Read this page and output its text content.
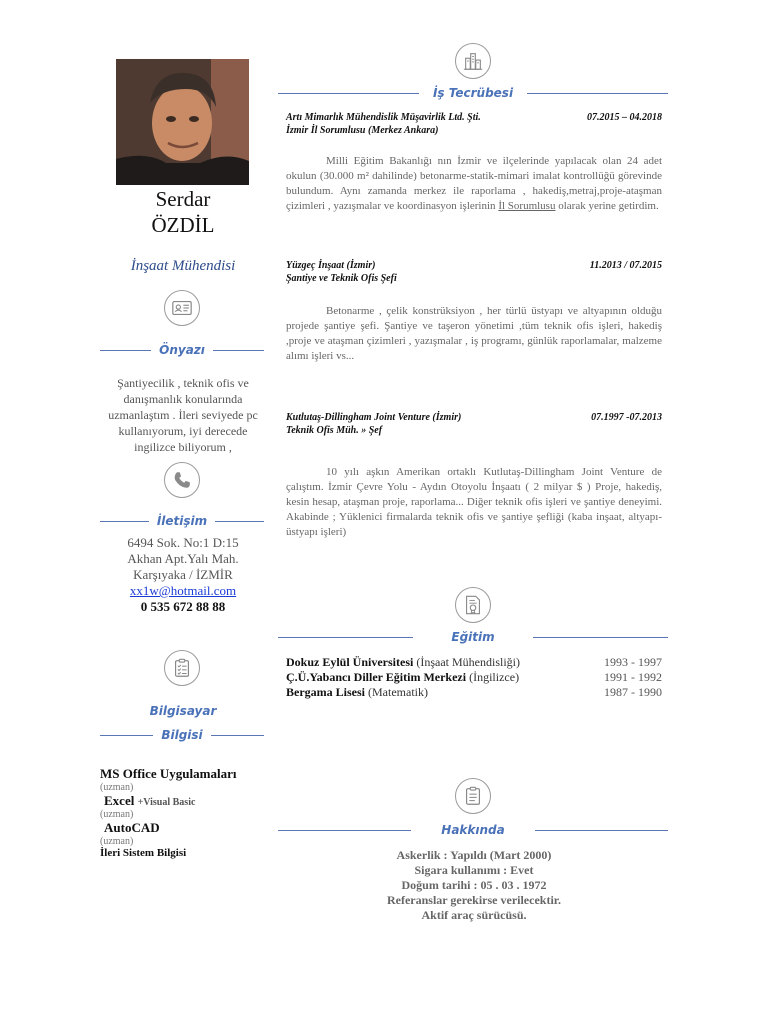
Serdar
ÖZDİL
İnşaat Mühendisi
Önyazı
Şantiyecilik , teknik ofis ve danışmanlık konularında uzmanlaştım . İleri seviyede pc kullanıyorum, iyi derecede ingilizce biliyorum ,
İletişim
6494 Sok. No:1 D:15
Akhan Apt.Yalı Mah.
Karşıyaka / İZMİR
xx1w@hotmail.com
0 535 672 88 88
Bilgisayar
Bilgisi
MS Office Uygulamaları
(uzman)
Excel +Visual Basic
(uzman)
AutoCAD
(uzman)
İleri Sistem Bilgisi
İş Tecrübesi
Artı Mimarlık Mühendislik Müşavirlik Ltd. Şti.
İzmir İl Sorumlusu (Merkez Ankara)
07.2015 – 04.2018
Milli Eğitim Bakanlığı nın İzmir ve ilçelerinde yapılacak olan 24 adet okulun (30.000 m² dahilinde) betonarme-statik-mimari imalat kontrollüğü görevinde bulundum. Aynı zamanda merkez ile raporlama , hakediş,metraj,proje-ataşman çizimleri , yazışmalar ve koordinasyon işlerinin İl Sorumlusu olarak yerine getirdim.
Yüzgeç İnşaat (İzmir)
Şantiye ve Teknik Ofis Şefi
11.2013 / 07.2015
Betonarme , çelik konstrüksiyon , her türlü üstyapı ve altyapının olduğu projede şantiye şefi. Şantiye ve taşeron yönetimi ,tüm teknik ofis işleri, hakediş ,proje ve ataşman çizimleri , yazışmalar , iş programı, günlük raporlamalar, malzeme alımı işleri vs...
Kutlutaş-Dillingham Joint Venture (İzmir)
Teknik Ofis Müh. » Şef
07.1997 -07.2013
10 yılı aşkın Amerikan ortaklı Kutlutaş-Dillingham Joint Venture de çalıştım. İzmir Çevre Yolu - Aydın Otoyolu İnşaatı ( 2 milyar $ ) Proje, hakediş, kesin hesap, ataşman proje, raporlama... Diğer teknik ofis işleri ve şantiye deneyimi. Akabinde ; Yüklenici firmalarda teknik ofis ve şantiye şefliği (kaba inşaat, altyapı-üstyapı işleri)
Eğitim
Dokuz Eylül Üniversitesi (İnşaat Mühendisliği)	1993 - 1997
Ç.Ü.Yabancı Diller Eğitim Merkezi (İngilizce)	1991 - 1992
Bergama Lisesi (Matematik)	1987 - 1990
Hakkında
Askerlik : Yapıldı (Mart 2000)
Sigara kullanımı : Evet
Doğum tarihi : 05 . 03 . 1972
Referanslar gerekirse verilecektir.
Aktif araç sürücüsü.
